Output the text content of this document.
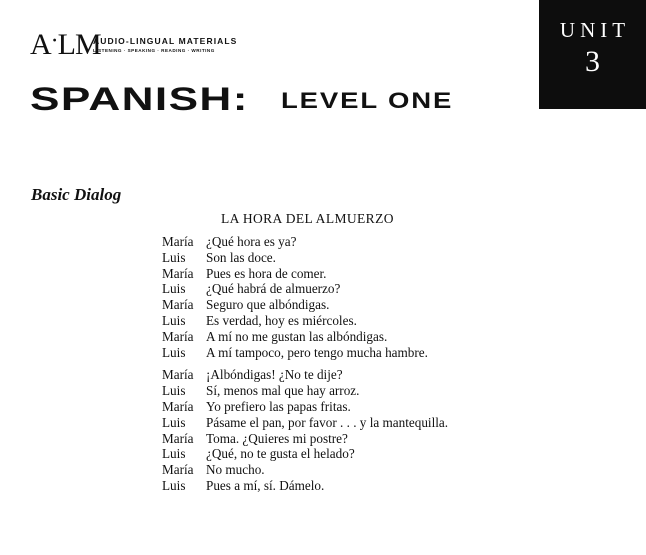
A·LM
AUDIO-LINGUAL MATERIALS
LISTENING · SPEAKING · READING · WRITING
SPANISH: LEVEL ONE
UNIT
3
Basic Dialog
LA HORA DEL ALMUERZO
María ¿Qué hora es ya?
Luis	Son las doce.
María Pues es hora de comer.
Luis	¿Qué habrá de almuerzo?
María Seguro que albóndigas.
Luis	Es verdad, hoy es miércoles.
María A mí no me gustan las albóndigas.
Luis	A mí tampoco, pero tengo mucha hambre.
María ¡Albóndigas! ¿No te dije?
Luis	Sí, menos mal que hay arroz.
María Yo prefiero las papas fritas.
Luis	Pásame el pan, por favor . . . y la mantequilla.
María Toma. ¿Quieres mi postre?
Luis	¿Qué, no te gusta el helado?
María No mucho.
Luis	Pues a mí, sí. Dámelo.
